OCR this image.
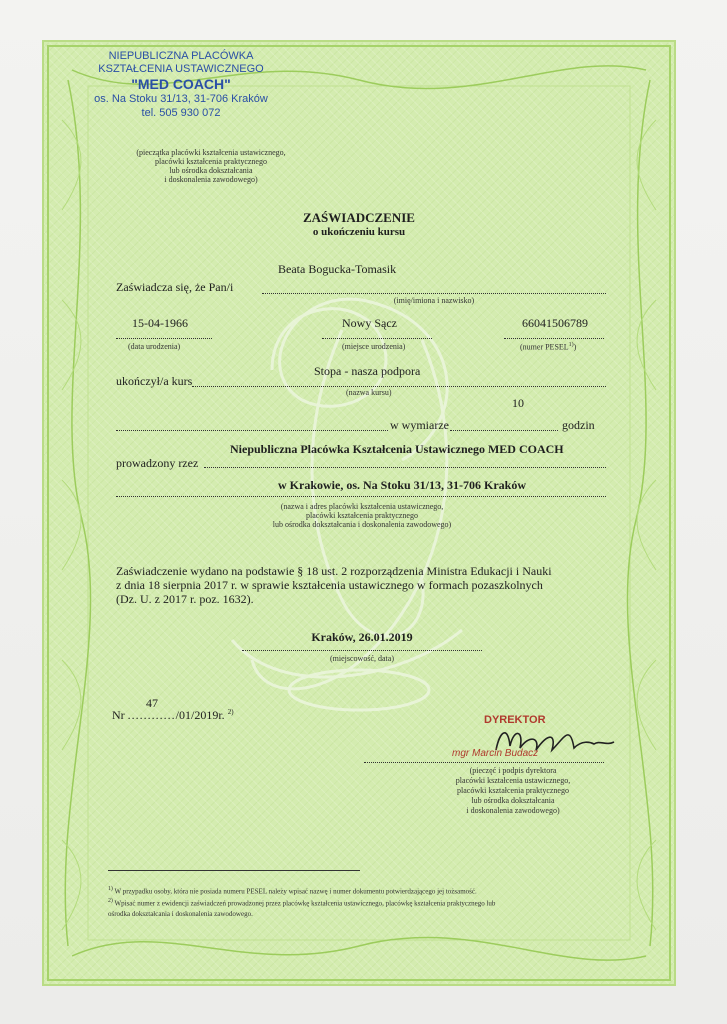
NIEPUBLICZNA PLACÓWKA
KSZTAŁCENIA USTAWICZNEGO
"MED COACH"
os. Na Stoku 31/13, 31-706 Kraków
tel. 505 930 072
(pieczątka placówki kształcenia ustawicznego,
placówki kształcenia praktycznego
lub ośrodka dokształcania
i doskonalenia zawodowego)
ZAŚWIADCZENIE
o ukończeniu kursu
Beata Bogucka-Tomasik
Zaświadcza się, że Pan/i
(imię/imiona i nazwisko)
15-04-1966	Nowy Sącz	66041506789
(data urodzenia)	(miejsce urodzenia)	(numer PESEL$^{1)}$)
Stopa - nasza podpora
ukończył/a kurs
(nazwa kursu)
10
w wymiarze	godzin
Niepubliczna Placówka Kształcenia Ustawicznego MED COACH
prowadzony rzez
w Krakowie, os. Na Stoku 31/13, 31-706 Kraków
(nazwa i adres placówki kształcenia ustawicznego,
placówki kształcenia praktycznego
lub ośrodka dokształcania i doskonalenia zawodowego)
Zaświadczenie wydano na podstawie § 18 ust. 2 rozporządzenia Ministra Edukacji i Nauki
z dnia 18 sierpnia 2017 r. w sprawie kształcenia ustawicznego w formach pozaszkolnych
(Dz. U. z 2017 r. poz. 1632).
Kraków, 26.01.2019
(miejscowość, data)
47
Nr ............/01/2019r. $^{2)}$
DYREKTOR
mgr Marcin Budacz
(pieczęć i podpis dyrektora
placówki kształcenia ustawicznego,
placówki kształcenia praktycznego
lub ośrodka dokształcania
i doskonalenia zawodowego)
$^{1)}$ W przypadku osoby, która nie posiada numeru PESEL należy wpisać nazwę i numer dokumentu potwierdzającego jej tożsamość.
$^{2)}$ Wpisać numer z ewidencji zaświadczeń prowadzonej przez placówkę kształcenia ustawicznego, placówkę kształcenia praktycznego lub
ośrodka dokształcania i doskonalenia zawodowego.
